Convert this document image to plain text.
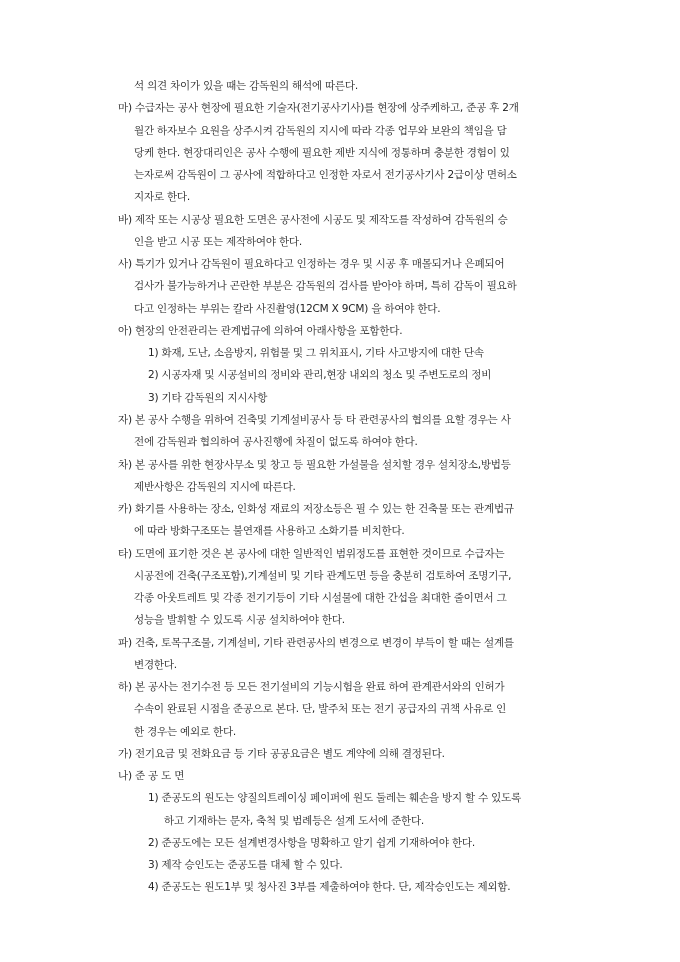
석 의견 차이가 있을 때는 감독원의 해석에 따른다.
마) 수급자는 공사 현장에 필요한 기술자(전기공사기사)를 현장에 상주케하고, 준공 후 2개
월간 하자보수 요원을 상주시켜 감독원의 지시에 따라 각종 업무와 보완의 책임을 담
당케 한다. 현장대리인은 공사 수행에 필요한 제반 지식에 정통하며 충분한 경험이 있
는자로써 감독원이 그 공사에 적합하다고 인정한 자로서 전기공사기사 2급이상 면허소
지자로 한다.
바) 제작 또는 시공상 필요한 도면은 공사전에 시공도 및 제작도를 작성하여 감독원의 승
인을 받고 시공 또는 제작하여야 한다.
사) 특기가 있거나 감독원이 필요하다고 인정하는 경우 및 시공 후 매몰되거나 은폐되어
검사가 불가능하거나 곤란한 부분은 감독원의 검사를 받아야 하며, 특히 감독이 필요하
다고 인정하는 부위는 칼라 사진촬영(12CM X 9CM) 을 하여야 한다.
아) 현장의 안전관리는 관계법규에 의하여 아래사항을 포함한다.
1) 화재, 도난, 소음방지, 위험물 및 그 위치표시, 기타 사고방지에 대한 단속
2) 시공자재 및 시공설비의 정비와 관리,현장 내외의 청소 및 주변도로의 정비
3) 기타 감독원의 지시사항
자) 본 공사 수행을 위하여 건축및 기계설비공사 등 타 관련공사의 협의를 요할 경우는 사
전에 감독원과 협의하여 공사진행에 차질이 없도록 하여야 한다.
차) 본 공사를 위한 현장사무소 및 창고 등 필요한 가설물을 설치할 경우 설치장소,방법등
제반사항은 감독원의 지시에 따른다.
카) 화기를 사용하는 장소, 인화성 재료의 저장소등은 필 수 있는 한 건축물 또는 관계법규
에 따라 방화구조또는 불연재를 사용하고 소화기를 비치한다.
타) 도면에 표기한 것은 본 공사에 대한 일반적인 범위정도를 표현한 것이므로 수급자는
시공전에 건축(구조포함),기계설비 및 기타 관계도면 등을 충분히 검토하여 조명기구,
각종 아웃트레트 및 각종 전기기등이 기타 시설물에 대한 간섭을 최대한 줄이면서 그
성능을 발휘할 수 있도록 시공 설치하여야 한다.
파) 건축, 토목구조물, 기계설비, 기타 관련공사의 변경으로 변경이 부득이 할 때는 설계를
변경한다.
하) 본 공사는 전기수전 등 모든 전기설비의 기능시험을 완료 하여 관계관서와의 인허가
수속이 완료된 시점을 준공으로 본다. 단, 발주처 또는 전기 공급자의 귀책 사유로 인
한 경우는 예외로 한다.
가) 전기요금 및 전화요금 등 기타 공공요금은 별도 계약에 의해 결정된다.
나) 준 공 도 면
1) 준공도의 원도는 양질의트레이싱 페이퍼에 원도 둘레는 훼손을 방지 할 수 있도록
하고 기재하는 문자, 축척 및 범례등은 설계 도서에 준한다.
2) 준공도에는 모든 설계변경사항을 명확하고 알기 쉽게 기재하여야 한다.
3) 제작 승인도는 준공도를 대체 할 수 있다.
4) 준공도는 원도1부 및 청사진 3부를 제출하여야 한다. 단, 제작승인도는 제외함.
